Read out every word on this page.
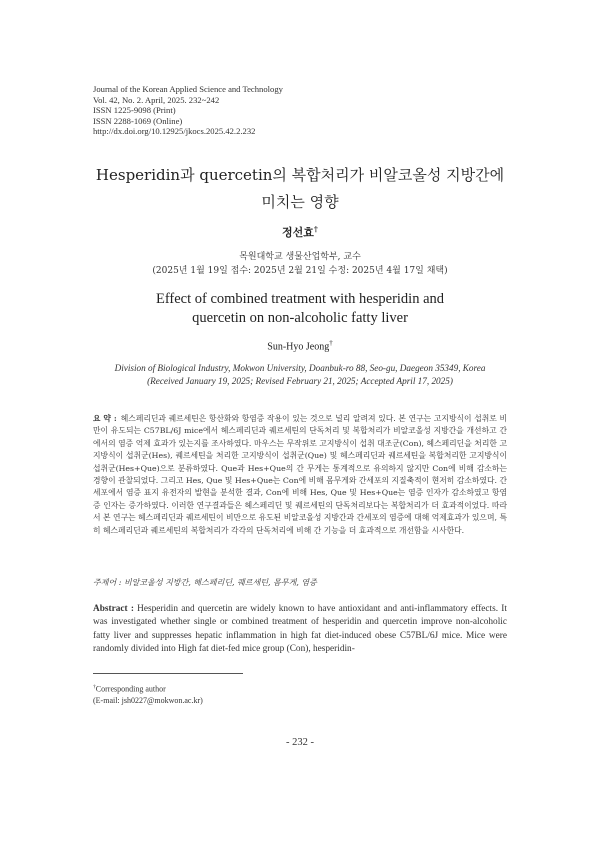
Journal of the Korean Applied Science and Technology
Vol. 42, No. 2. April, 2025. 232~242
ISSN 1225-9098 (Print)
ISSN 2288-1069 (Online)
http://dx.doi.org/10.12925/jkocs.2025.42.2.232
Hesperidin과 quercetin의 복합처리가 비알코올성 지방간에
미치는 영향
정선효†
목원대학교 생물산업학부, 교수
(2025년 1월 19일 접수: 2025년 2월 21일 수정: 2025년 4월 17일 채택)
Effect of combined treatment with hesperidin and
quercetin on non-alcoholic fatty liver
Sun-Hyo Jeong†
Division of Biological Industry, Mokwon University, Doanbuk-ro 88, Seo-gu, Daegeon 35349, Korea
(Received January 19, 2025; Revised February 21, 2025; Accepted April 17, 2025)
요 약 : 헤스페리딘과 퀘르세틴은 항산화와 항염증 작용이 있는 것으로 널리 알려져 있다. 본 연구는 고지방식이 섭취로 비만이 유도되는 C57BL/6J mice에서 헤스페리딘과 퀘르세틴의 단독처리 및 복합처리가 비알코올성 지방간을 개선하고 간에서의 염증 억제 효과가 있는지를 조사하였다. 마우스는 무작위로 고지방식이 섭취 대조군(Con), 헤스페리딘을 처리한 고지방식이 섭취군(Hes), 퀘르세틴을 처리한 고지방식이 섭취군(Que) 및 헤스페리딘과 퀘르세틴을 복합처리한 고지방식이 섭취군(Hes+Que)으로 분류하였다. Que과 Hes+Que의 간 무게는 통계적으로 유의하지 않지만 Con에 비해 감소하는 경향이 관찰되었다. 그리고 Hes, Que 및 Hes+Que는 Con에 비해 몸무게와 간세포의 지질축적이 현저히 감소하였다. 간세포에서 염증 표지 유전자의 발현을 분석한 결과, Con에 비해 Hes, Que 및 Hes+Que는 염증 인자가 감소하였고 항염증 인자는 증가하였다. 이러한 연구결과들은 헤스페리딘 및 퀘르세틴의 단독처리보다는 복합처리가 더 효과적이었다. 따라서 본 연구는 헤스페리딘과 퀘르세틴이 비만으로 유도된 비알코올성 지방간과 간세포의 염증에 대해 억제효과가 있으며, 특히 헤스페리딘과 퀘르세틴의 복합처리가 각각의 단독처리에 비해 간 기능을 더 효과적으로 개선함을 시사한다.
주제어 : 비알코올성 지방간, 헤스페리딘, 퀘르세틴, 몸무게, 염증
Abstract : Hesperidin and quercetin are widely known to have antioxidant and anti-inflammatory effects. It was investigated whether single or combined treatment of hesperidin and quercetin improve non-alcoholic fatty liver and suppresses hepatic inflammation in high fat diet-induced obese C57BL/6J mice. Mice were randomly divided into High fat diet-fed mice group (Con), hesperidin-
†Corresponding author
(E-mail: jsh0227@mokwon.ac.kr)
- 232 -
